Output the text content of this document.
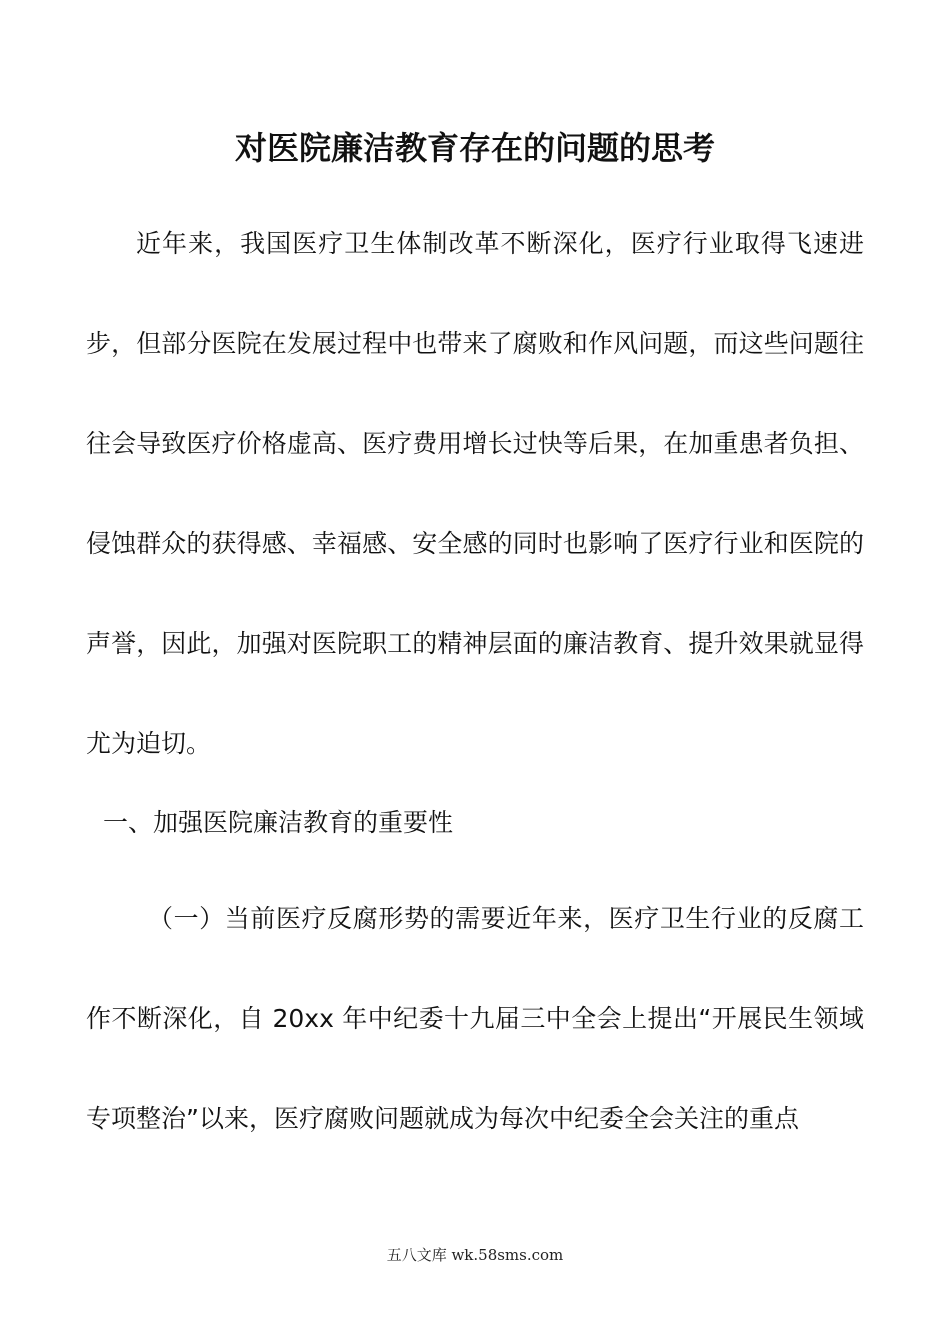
对医院廉洁教育存在的问题的思考
近年来，我国医疗卫生体制改革不断深化，医疗行业取得飞速进步，但部分医院在发展过程中也带来了腐败和作风问题，而这些问题往往会导致医疗价格虚高、医疗费用增长过快等后果，在加重患者负担、侵蚀群众的获得感、幸福感、安全感的同时也影响了医疗行业和医院的声誉，因此，加强对医院职工的精神层面的廉洁教育、提升效果就显得尤为迫切。
一、加强医院廉洁教育的重要性
（一）当前医疗反腐形势的需要近年来，医疗卫生行业的反腐工作不断深化，自 20xx 年中纪委十九届三中全会上提出“开展民生领域专项整治”以来，医疗腐败问题就成为每次中纪委全会关注的重点
五八文库 wk.58sms.com
